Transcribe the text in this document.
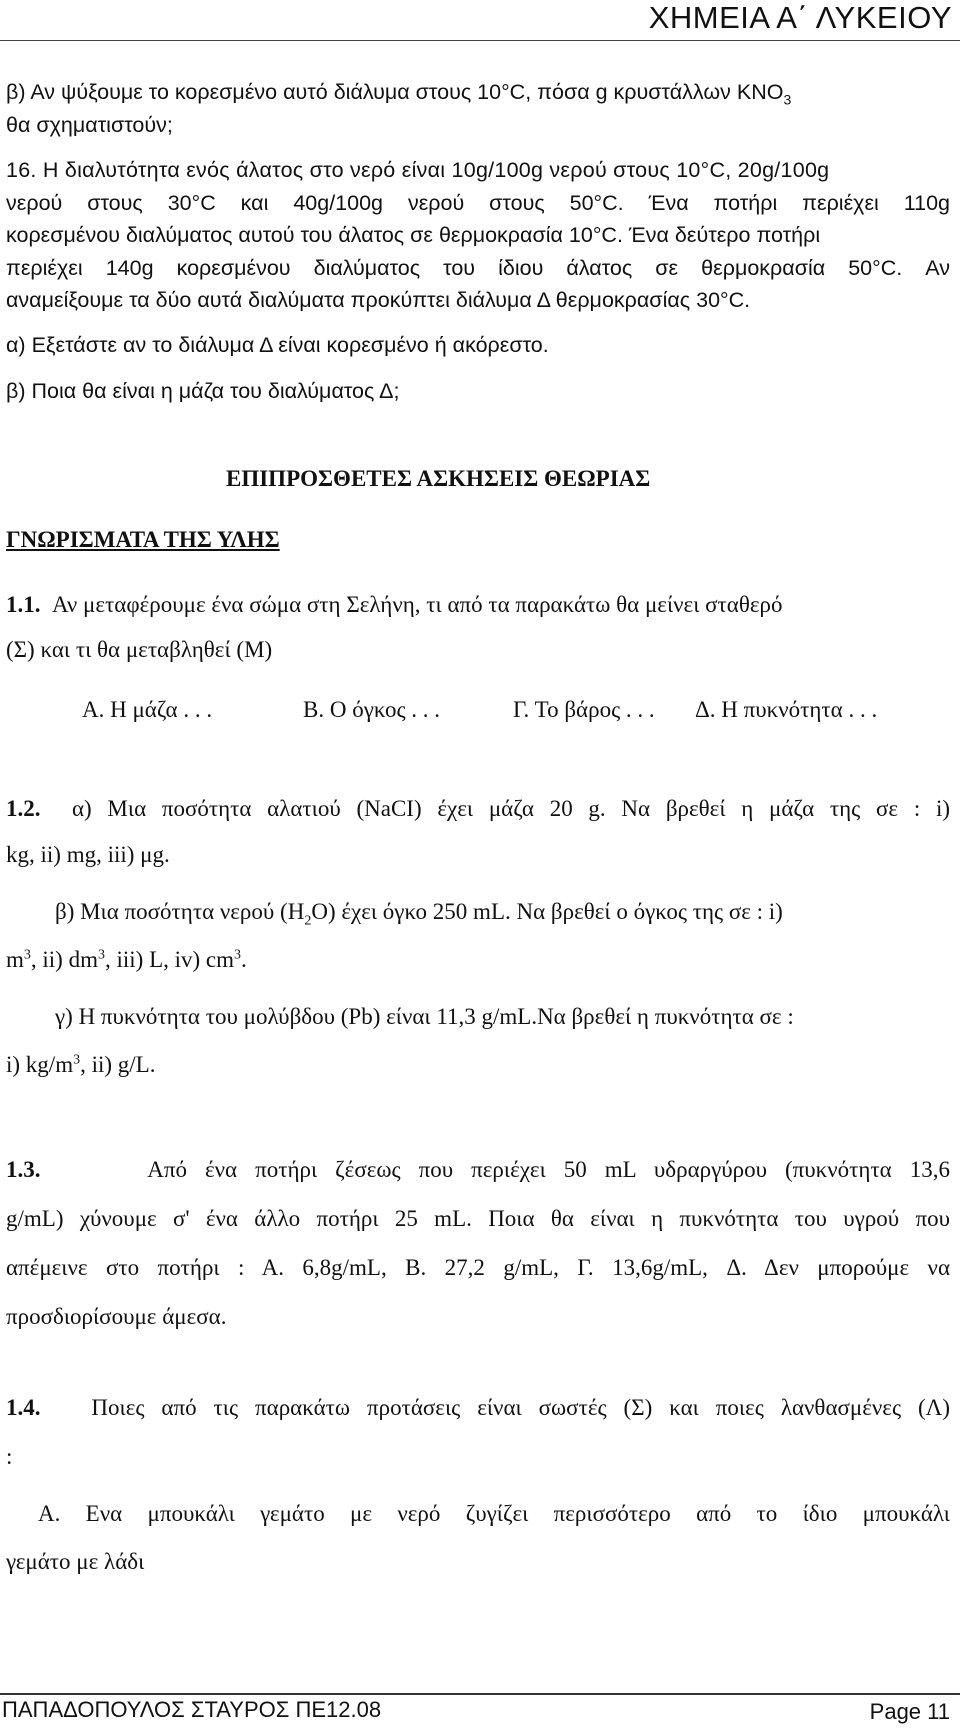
ΧΗΜΕΙΑ Α΄ ΛΥΚΕΙΟΥ
β) Αν ψύξουμε το κορεσμένο αυτό διάλυμα στους 10°C, πόσα g κρυστάλλων $KNO_3$
θα σχηματιστούν;
16. Η διαλυτότητα ενός άλατος στο νερό είναι 10g/100g νερού στους 10°C, 20g/100g
νερού στους 30°C και 40g/100g νερού στους 50°C. Ένα ποτήρι περιέχει 110g
κορεσμένου διαλύματος αυτού του άλατος σε θερμοκρασία 10°C. Ένα δεύτερο ποτήρι
περιέχει 140g κορεσμένου διαλύματος του ίδιου άλατος σε θερμοκρασία 50°C. Αν
αναμείξουμε τα δύο αυτά διαλύματα προκύπτει διάλυμα Δ θερμοκρασίας 30°C.
α) Εξετάστε αν το διάλυμα Δ είναι κορεσμένο ή ακόρεστο.
β) Ποια θα είναι η μάζα του διαλύματος Δ;
ΕΠΙΠΡΟΣΘΕΤΕΣ ΑΣΚΗΣΕΙΣ ΘΕΩΡΙΑΣ
ΓΝΩΡΙΣΜΑΤΑ ΤΗΣ ΥΛΗΣ
1.1. Αν μεταφέρουμε ένα σώμα στη Σελήνη, τι από τα παρακάτω θα μείνει σταθερό
(Σ) και τι θα μεταβληθεί (Μ)
Α. Η μάζα . . .	Β. Ο όγκος . . .	Γ. Το βάρος . . . Δ. Η πυκνότητα . . .
1.2. α) Μια ποσότητα αλατιού (NaCI) έχει μάζα 20 g. Να βρεθεί η μάζα της σε : i)
kg, ii) mg, iii) μg.
β) Μια ποσότητα νερού $(H_2O)$ έχει όγκο 250 mL. Να βρεθεί ο όγκος της σε : i)
$m^3$, ii) $dm^3$, iii) L, iv) $cm^3$.
γ) Η πυκνότητα του μολύβδου (Pb) είναι 11,3 g/mL.Να βρεθεί η πυκνότητα σε :
i) $kg/m^3$, ii) g/L.
1.3.	Από ένα ποτήρι ζέσεως που περιέχει 50 mL υδραργύρου (πυκνότητα 13,6
g/mL) χύνουμε σ' ένα άλλο ποτήρι 25 mL. Ποια θα είναι η πυκνότητα του υγρού που
απέμεινε στο ποτήρι : Α. 6,8g/mL, Β. 27,2 g/mL, Γ. 13,6g/mL, Δ. Δεν μπορούμε να
προσδιορίσουμε άμεσα.
1.4. Ποιες από τις παρακάτω προτάσεις είναι σωστές (Σ) και ποιες λανθασμένες (Λ)
:
Α. Ενα μπουκάλι γεμάτο με νερό ζυγίζει περισσότερο από το ίδιο μπουκάλι
γεμάτο με λάδι
ΠΑΠΑΔΟΠΟΥΛΟΣ ΣΤΑΥΡΟΣ ΠΕ12.08	Page 11
